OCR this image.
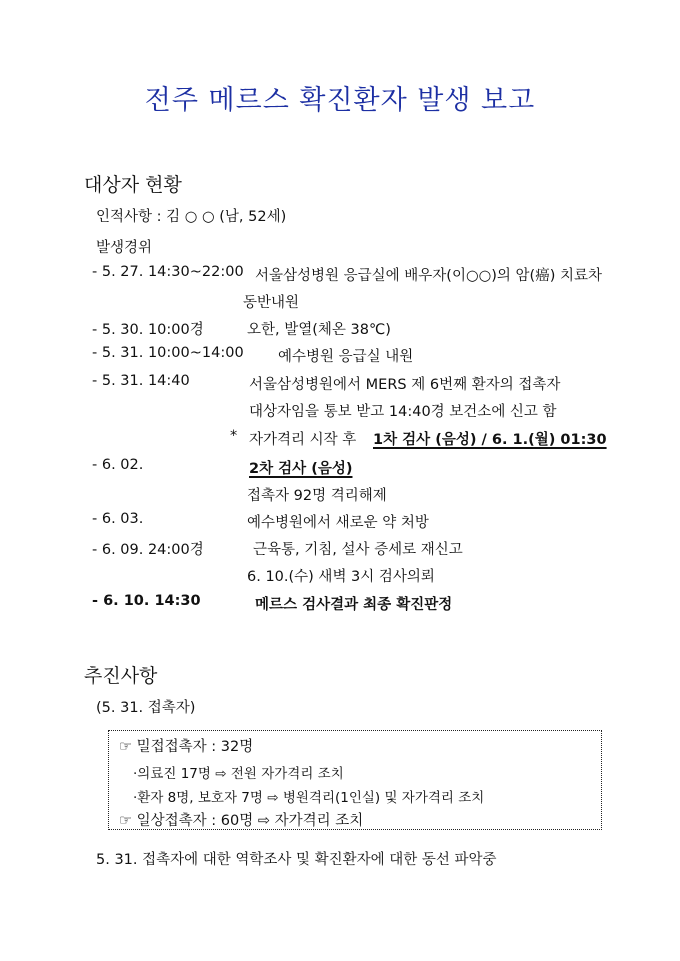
전주 메르스 확진환자 발생 보고
대상자 현황
인적사항 : 김 ○ ○ (남, 52세)
발생경위
- 5. 27. 14:30~22:00 서울삼성병원 응급실에 배우자(이○○)의 암(癌) 치료차
동반내원
- 5. 30. 10:00경	오한, 발열(체온 38℃)
- 5. 31. 10:00~14:00 예수병원 응급실 내원
- 5. 31. 14:40	서울삼성병원에서 MERS 제 6번째 환자의 접촉자
대상자임을 통보 받고 14:40경 보건소에 신고 함
* 자가격리 시작 후 1차 검사 (음성) / 6. 1.(월) 01:30
- 6. 02.	2차 검사 (음성)
접촉자 92명 격리해제
- 6. 03.	예수병원에서 새로운 약 처방
- 6. 09. 24:00경	근육통, 기침, 설사 증세로 재신고
6. 10.(수) 새벽 3시 검사의뢰
- 6. 10. 14:30	메르스 검사결과 최종 확진판정
추진사항
(5. 31. 접촉자)
☞ 밀접접촉자 : 32명
·의료진 17명 ⇨ 전원 자가격리 조치
·환자 8명, 보호자 7명 ⇨ 병원격리(1인실) 및 자가격리 조치
☞ 일상접촉자 : 60명 ⇨ 자가격리 조치
5. 31. 접촉자에 대한 역학조사 및 확진환자에 대한 동선 파악중
